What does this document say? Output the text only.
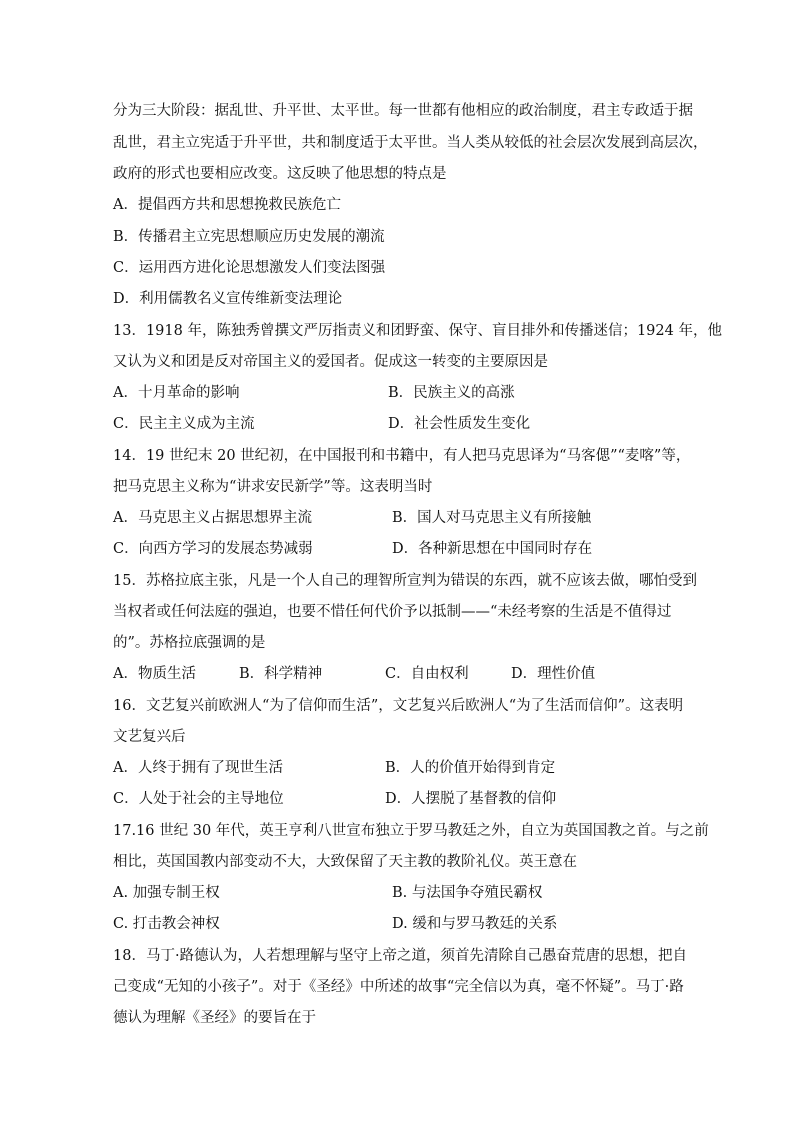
分为三大阶段：据乱世、升平世、太平世。每一世都有他相应的政治制度，君主专政适于据
乱世，君主立宪适于升平世，共和制度适于太平世。当人类从较低的社会层次发展到高层次，
政府的形式也要相应改变。这反映了他思想的特点是
A．提倡西方共和思想挽救民族危亡
B．传播君主立宪思想顺应历史发展的潮流
C．运用西方进化论思想激发人们变法图强
D．利用儒教名义宣传维新变法理论
13．1918 年，陈独秀曾撰文严厉指责义和团野蛮、保守、盲目排外和传播迷信；1924 年，他
又认为义和团是反对帝国主义的爱国者。促成这一转变的主要原因是
A．十月革命的影响	B．民族主义的高涨
C．民主主义成为主流	D．社会性质发生变化
14．19 世纪末 20 世纪初，在中国报刊和书籍中，有人把马克思译为“马客偲”“麦喀”等，
把马克思主义称为“讲求安民新学”等。这表明当时
A．马克思主义占据思想界主流	B．国人对马克思主义有所接触
C．向西方学习的发展态势减弱	D．各种新思想在中国同时存在
15．苏格拉底主张，凡是一个人自己的理智所宣判为错误的东西，就不应该去做，哪怕受到
当权者或任何法庭的强迫，也要不惜任何代价予以抵制——“未经考察的生活是不值得过
的”。苏格拉底强调的是
A．物质生活	B．科学精神	C．自由权利	D．理性价值
16．文艺复兴前欧洲人“为了信仰而生活”，文艺复兴后欧洲人“为了生活而信仰”。这表明
文艺复兴后
A．人终于拥有了现世生活	B．人的价值开始得到肯定
C．人处于社会的主导地位	D．人摆脱了基督教的信仰
17.16 世纪 30 年代，英王亨利八世宣布独立于罗马教廷之外，自立为英国国教之首。与之前
相比，英国国教内部变动不大，大致保留了天主教的教阶礼仪。英王意在
A. 加强专制王权	B. 与法国争夺殖民霸权
C. 打击教会神权	D. 缓和与罗马教廷的关系
18．马丁·路德认为，人若想理解与坚守上帝之道，须首先清除自己愚奋荒唐的思想，把自
己变成“无知的小孩子”。对于《圣经》中所述的故事“完全信以为真，毫不怀疑”。马丁·路
德认为理解《圣经》的要旨在于
